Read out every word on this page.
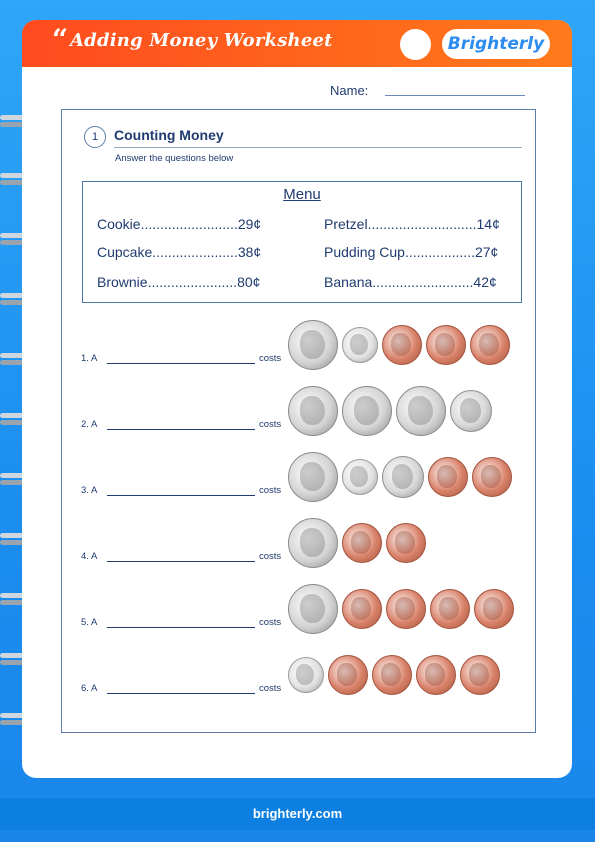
“ Adding Money Worksheet	Brighterly
Name:
1	Counting Money
Answer the questions below
Menu
Cookie ......................... 29¢
Cupcake ...................... 38¢
Brownie ....................... 80¢
Pretzel ............................ 14¢
Pudding Cup .................. 27¢
Banana .......................... 42¢
1. A	costs
2. A	costs
3. A	costs
4. A	costs
5. A	costs
6. A	costs
brighterly.com
